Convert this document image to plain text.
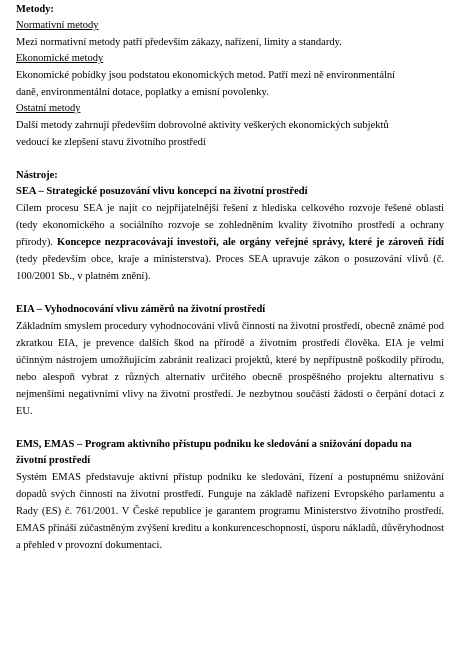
Metody:

Normativní metody

Mezi normativní metody patří především zákazy, nařízení, limity a standardy.

Ekonomické metody

Ekonomické pobídky jsou podstatou ekonomických metod. Patří mezi ně environmentální

daně, environmentální dotace, poplatky a emisní povolenky.

Ostatní metody

Další metody zahrnují především dobrovolné aktivity veškerých ekonomických subjektů

vedoucí ke zlepšení stavu životního prostředí

Nástroje:

SEA – Strategické posuzování vlivu koncepcí na životní prostředí

Cílem procesu SEA je najít co nejpřijatelnější řešení z hlediska celkového rozvoje řešené oblasti (tedy ekonomického a sociálního rozvoje se zohledněním kvality životního prostředí a ochrany přírody). Koncepce nezpracovávají investoři, ale orgány veřejné správy, které je zároveň řídí (tedy především obce, kraje a ministerstva). Proces SEA upravuje zákon o posuzování vlivů (č. 100/2001 Sb., v platném znění).

EIA – Vyhodnocování vlivu záměrů na životní prostředí

Základním smyslem procedury vyhodnocování vlivů činností na životní prostředí, obecně známé pod zkratkou EIA, je prevence dalších škod na přírodě a životním prostředí člověka. EIA je velmi účinným nástrojem umožňujícím zabránit realizaci projektů, které by nepřípustně poškodily přírodu, nebo alespoň vybrat z různých alternativ určitého obecně prospěšného projektu alternativu s nejmenšími negativními vlivy na životní prostředí. Je nezbytnou součástí žádosti o čerpání dotací z EU.

EMS, EMAS – Program aktivního přístupu podniku ke sledování a snižování dopadu na

životní prostředí

Systém EMAS představuje aktivní přístup podniku ke sledování, řízení a postupnému snižování dopadů svých činností na životní prostředí. Funguje na základě nařízení Evropského parlamentu a Rady (ES) č. 761/2001. V České republice je garantem programu Ministerstvo životního prostředí. EMAS přináší zúčastněným zvýšení kreditu a konkurenceschopnosti, úsporu nákladů, důvěryhodnost a přehled v provozní dokumentaci.
